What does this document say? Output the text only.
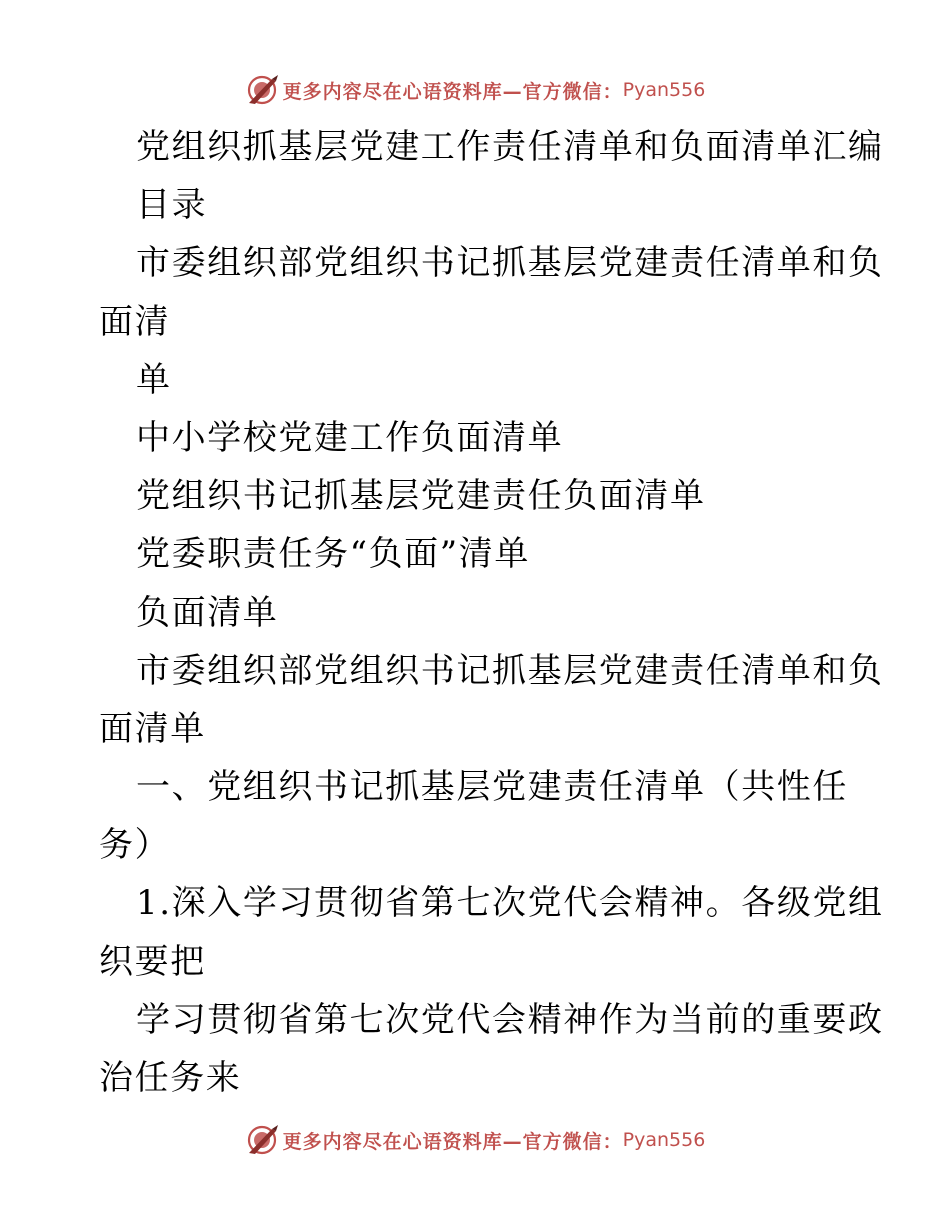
更多内容尽在心语资料库—官方微信： Pyan556
党组织抓基层党建工作责任清单和负面清单汇编
目录
市委组织部党组织书记抓基层党建责任清单和负
面清
单
中小学校党建工作负面清单
党组织书记抓基层党建责任负面清单
党委职责任务“负面”清单
负面清单
市委组织部党组织书记抓基层党建责任清单和负
面清单
一、党组织书记抓基层党建责任清单（共性任
务）
1.深入学习贯彻省第七次党代会精神。各级党组
织要把
学习贯彻省第七次党代会精神作为当前的重要政
治任务来
更多内容尽在心语资料库—官方微信： Pyan556
